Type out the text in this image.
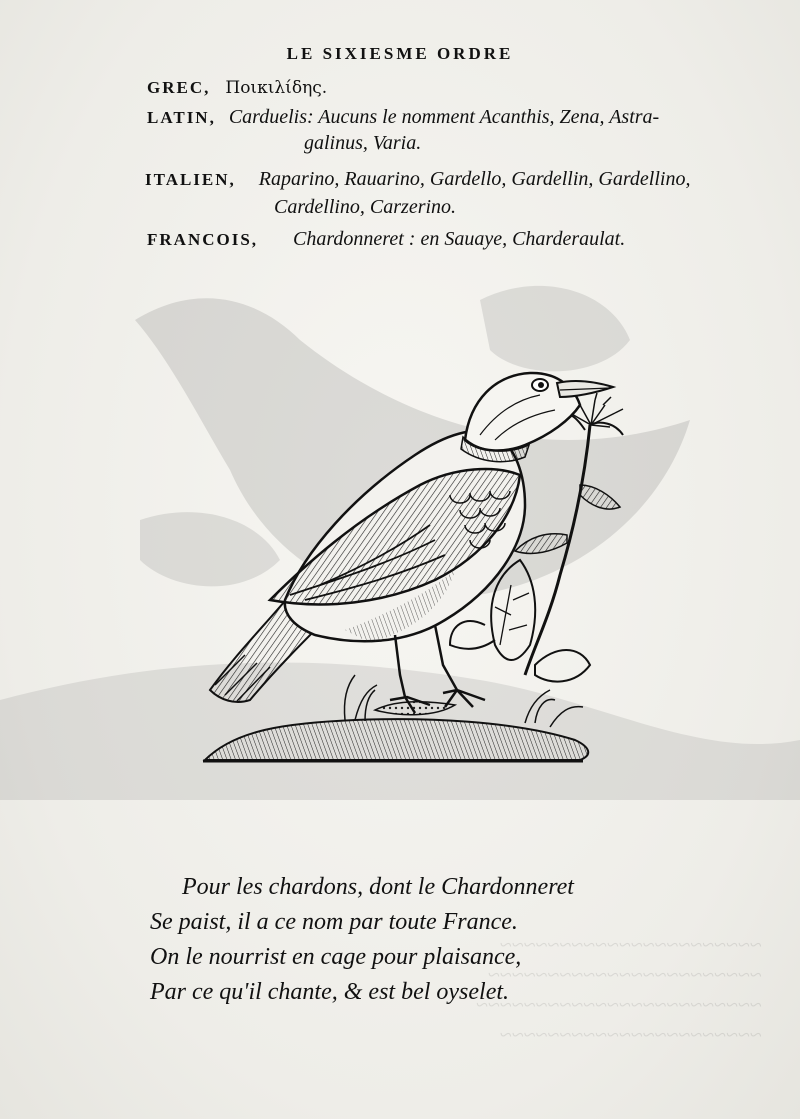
LE SIXIESME ORDRE
GREC, Ποικιλίδης.
LATIN, Carduelis: Aucuns le nomment Acanthis, Zena, Astra-
galinus, Varia.
ITALIEN, Raparino, Rauarino, Gardello, Gardellin, Gardellino,
Cardellino, Carzerino.
FRANCOIS, Chardonneret : en Sauaye, Charderaulat.
Pour les chardons, dont le Chardonneret
Se paist, il a ce nom par toute France.
On le nourrist en cage pour plaisance,
Par ce qu'il chante, & est bel oyselet.
~~~~~~~~~~~~~~~~~~~~~~
~~~~~~~~~~~~~~~~~~~~~~~
~~~~~~~~~~~~~~~~~~~~~~~~
~~~~~~~~~~~~~~~~~~~~~~
